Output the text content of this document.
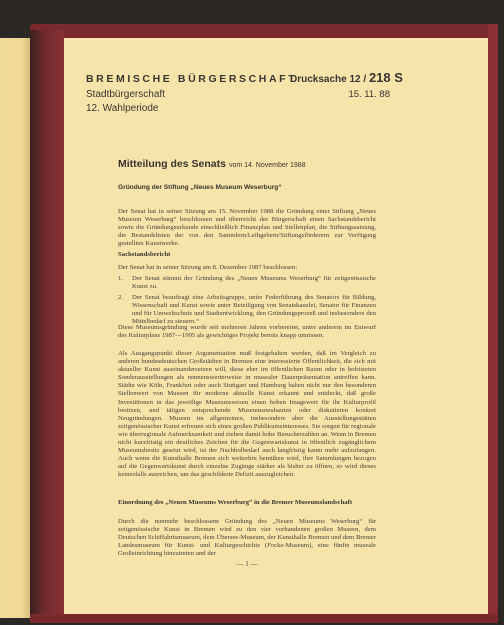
BREMISCHE BÜRGERSCHAFT
Stadtbürgerschaft
12. Wahlperiode
Drucksache 12 / 218 S
15. 11. 88
Mitteilung des Senats vom 14. November 1988
Gründung der Stiftung „Neues Museum Weserburg“
Der Senat hat in seiner Sitzung am 15. November 1988 die Gründung einer Stiftung „Neues Museum Weserburg“ beschlossen und überreicht der Bürgerschaft einen Sachstandsbericht sowie die Gründungsurkunde einschließlich Finanzplan und Stellenplan, die Stiftungssatzung, die Bestandslisten der von den Sammlern/Leihgebern/Stiftungsförderern zur Verfügung gestellten Kunstwerke.
Sachstandsbericht
Der Senat hat in seiner Sitzung am 8. Dezember 1987 beschlossen:
1. Der Senat stimmt der Gründung des „Neuen Museums Weserburg“ für zeitgenössische Kunst zu.
2. Der Senat beauftragt eine Arbeitsgruppe, unter Federführung des Senators für Bildung, Wissenschaft und Kunst sowie unter Beteiligung von Senatskanzlei, Senator für Finanzen und für Umweltschutz und Stadtentwicklung, den Gründungsprozeß und insbesondere den Mittelbedarf zu steuern.“
Diese Museumsgründung wurde seit mehreren Jahren vorbereitet, unter anderem im Entwurf des Kulturplans 1987—1995 als gewichtiges Projekt bereits knapp umrissen.
Als Ausgangspunkt dieser Argumentation muß festgehalten werden, daß im Vergleich zu anderen bundesdeutschen Großstädten in Bremen eine interessierte Öffentlichkeit, die sich mit aktueller Kunst auseinandersetzen will, diese eher im öffentlichen Raum oder in befristeten Sonderausstellungen als nennenswerterweise in musealer Dauerpräsentation antreffen kann. Städte wie Köln, Frankfurt oder auch Stuttgart und Hamburg haben nicht nur den besonderen Stellenwert von Museen für moderne aktuelle Kunst erkannt und entdeckt, daß große Investitionen in das jeweilige Museumswesen einen hohen Imagewert für ihr Kulturprofil besitzen, und tätigen entsprechende Museumsneubauten oder diskutieren konkret Neugründungen. Museen im allgemeinen, insbesondere aber die Ausstellungsstätten zeitgenössischer Kunst erfreuen sich eines großen Publikumsinteresses. Sie sorgen für regionale wie überregionale Aufmerksamkeit und ziehen damit hohe Besucherzahlen an. Wenn in Bremen nicht kurzfristig ein deutliches Zeichen für die Gegenwartskunst in öffentlich zugänglichem Museumsbesitz gesetzt wird, ist der Nachholbedarf auch langfristig kaum mehr aufzufangen. Auch wenn die Kunsthalle Bremen sich weiterhin bemühen wird, ihre Sammlungen bezogen auf die Gegenwartskunst durch einzelne Zugänge stärker als bisher zu öffnen, so wird dieses keinesfalls ausreichen, um das geschilderte Defizit auszugleichen.
Einordnung des „Neuen Museums Weserburg“ in die Bremer Museumslandschaft
Durch die nunmehr beschlossene Gründung des „Neuen Museums Weserburg“ für zeitgenössische Kunst in Bremen wird zu den vier vorhandenen großen Museen, dem Deutschen Schiffahrtsmuseum, dem Übersee-Museum, der Kunsthalle Bremen und dem Bremer Landesmuseum für Kunst- und Kulturgeschichte (Focke-Museum), eine fünfte museale Großeinrichtung hinzutreten und der
— 1 —
